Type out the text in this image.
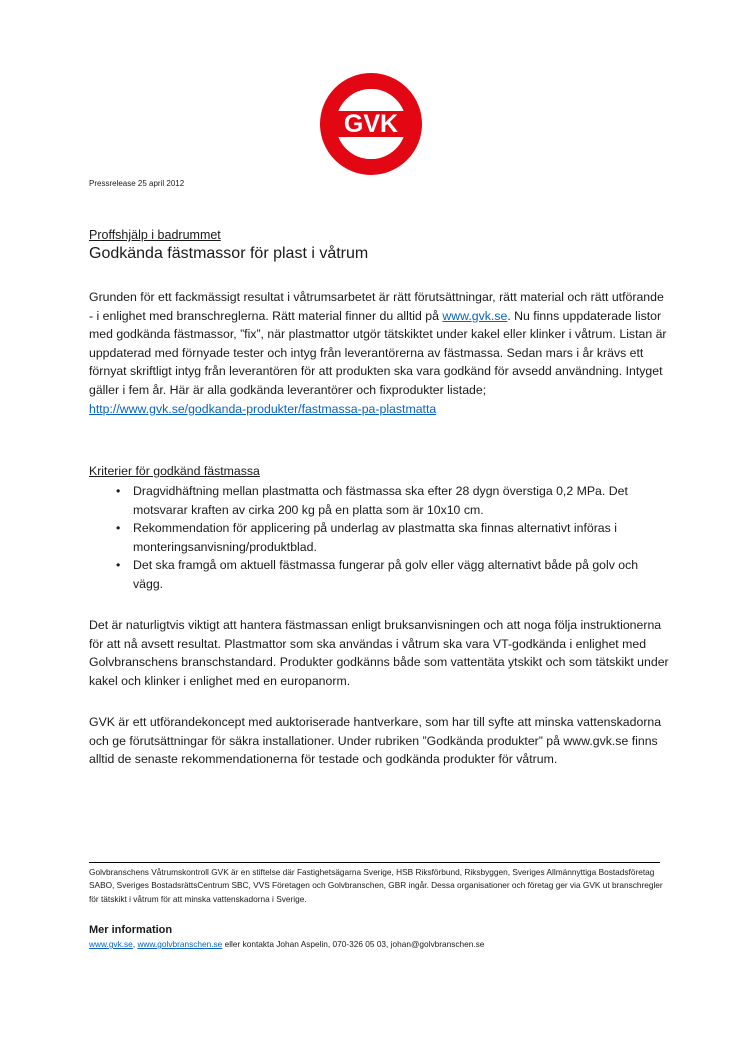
GVK
Pressrelease 25 april 2012
Proffshjälp i badrummet
Godkända fästmassor för plast i våtrum
Grunden för ett fackmässigt resultat i våtrumsarbetet är rätt förutsättningar, rätt material och rätt utförande - i enlighet med branschreglerna. Rätt material finner du alltid på www.gvk.se. Nu finns uppdaterade listor med godkända fästmassor, ”fix”, när plastmattor utgör tätskiktet under kakel eller klinker i våtrum. Listan är uppdaterad med förnyade tester och intyg från leverantörerna av fästmassa. Sedan mars i år krävs ett förnyat skriftligt intyg från leverantören för att produkten ska vara godkänd för avsedd användning. Intyget gäller i fem år. Här är alla godkända leverantörer och fixprodukter listade;
http://www.gvk.se/godkanda-produkter/fastmassa-pa-plastmatta
Kriterier för godkänd fästmassa
• Dragvidhäftning mellan plastmatta och fästmassa ska efter 28 dygn överstiga 0,2 MPa. Det motsvarar kraften av cirka 200 kg på en platta som är 10x10 cm.
• Rekommendation för applicering på underlag av plastmatta ska finnas alternativt införas i monteringsanvisning/produktblad.
• Det ska framgå om aktuell fästmassa fungerar på golv eller vägg alternativt både på golv och vägg.
Det är naturligtvis viktigt att hantera fästmassan enligt bruksanvisningen och att noga följa instruktionerna för att nå avsett resultat. Plastmattor som ska användas i våtrum ska vara VT-godkända i enlighet med Golvbranschens branschstandard. Produkter godkänns både som vattentäta ytskikt och som tätskikt under kakel och klinker i enlighet med en europanorm.
GVK är ett utförandekoncept med auktoriserade hantverkare, som har till syfte att minska vattenskadorna och ge förutsättningar för säkra installationer. Under rubriken ”Godkända produkter” på www.gvk.se finns alltid de senaste rekommendationerna för testade och godkända produkter för våtrum.
Golvbranschens Våtrumskontroll GVK är en stiftelse där Fastighetsägarna Sverige, HSB Riksförbund, Riksbyggen, Sveriges Allmännyttiga Bostadsföretag SABO, Sveriges BostadsrättsCentrum SBC, VVS Företagen och Golvbranschen, GBR ingår. Dessa organisationer och företag ger via GVK ut branschregler för tätskikt i våtrum för att minska vattenskadorna i Sverige.
Mer information
www.gvk.se, www.golvbranschen.se eller kontakta Johan Aspelin, 070-326 05 03, johan@golvbranschen.se
